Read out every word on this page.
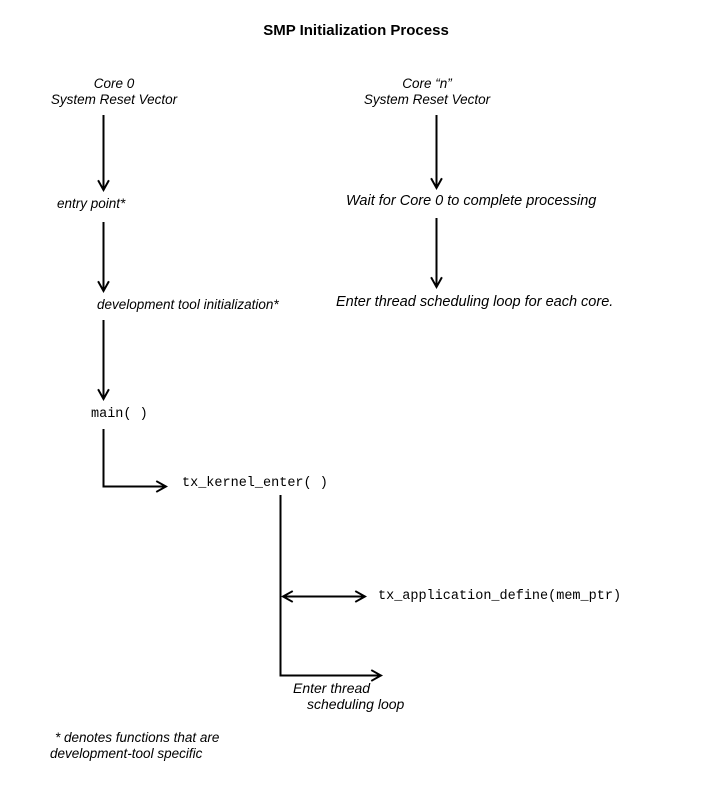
SMP Initialization Process
Core 0
System Reset Vector
Core “n”
System Reset Vector
entry point*
development tool initialization*
main( )
tx_kernel_enter( )
Wait for Core 0 to complete processing
Enter thread scheduling loop for each core.
tx_application_define(mem_ptr)
Enter thread
scheduling loop
* denotes functions that are
development-tool specific
